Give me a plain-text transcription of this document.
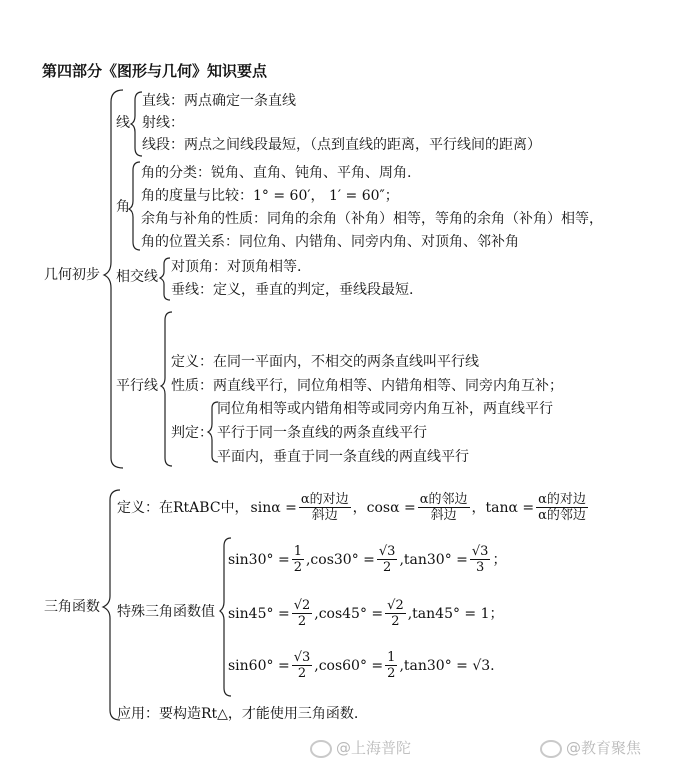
第四部分《图形与几何》知识要点
几何初步
线
直线：两点确定一条直线
射线：
线段：两点之间线段最短，（点到直线的距离，平行线间的距离）
角
角的分类：锐角、直角、钝角、平角、周角.
角的度量与比较：1° = 60′， 1′ = 60″；
余角与补角的性质：同角的余角（补角）相等，等角的余角（补角）相等，
角的位置关系：同位角、内错角、同旁内角、对顶角、邻补角
相交线
对顶角：对顶角相等.
垂线：定义，垂直的判定，垂线段最短.
平行线
定义：在同一平面内，不相交的两条直线叫平行线
性质：两直线平行，同位角相等、内错角相等、同旁内角互补；
判定：
同位角相等或内错角相等或同旁内角互补，两直线平行
平行于同一条直线的两条直线平行
平面内，垂直于同一条直线的两直线平行
三角函数
定义：在RtABC中， $\sin\alpha = \frac{\text{α的对边}}{\text{斜边}}$ ，$\cos\alpha = \frac{\text{α的邻边}}{\text{斜边}}$ ，$\tan\alpha = \frac{\text{α的对边}}{\text{α的邻边}}$
特殊三角函数值
$\sin 30^\circ = \frac{1}{2} ,\cos 30^\circ = \frac{√3}{2} ,\tan 30^\circ = \frac{√3}{3}$ ；
$\sin 45^\circ = \frac{√2}{2} ,\cos 45^\circ = \frac{√2}{2} ,\tan 45^\circ = 1$；
$\sin 60^\circ = \frac{√3}{2} ,\cos 60^\circ = \frac{1}{2} ,\tan 30^\circ = √3$.
应用：要构造Rt△，才能使用三角函数.
@上海普陀	@教育聚焦
